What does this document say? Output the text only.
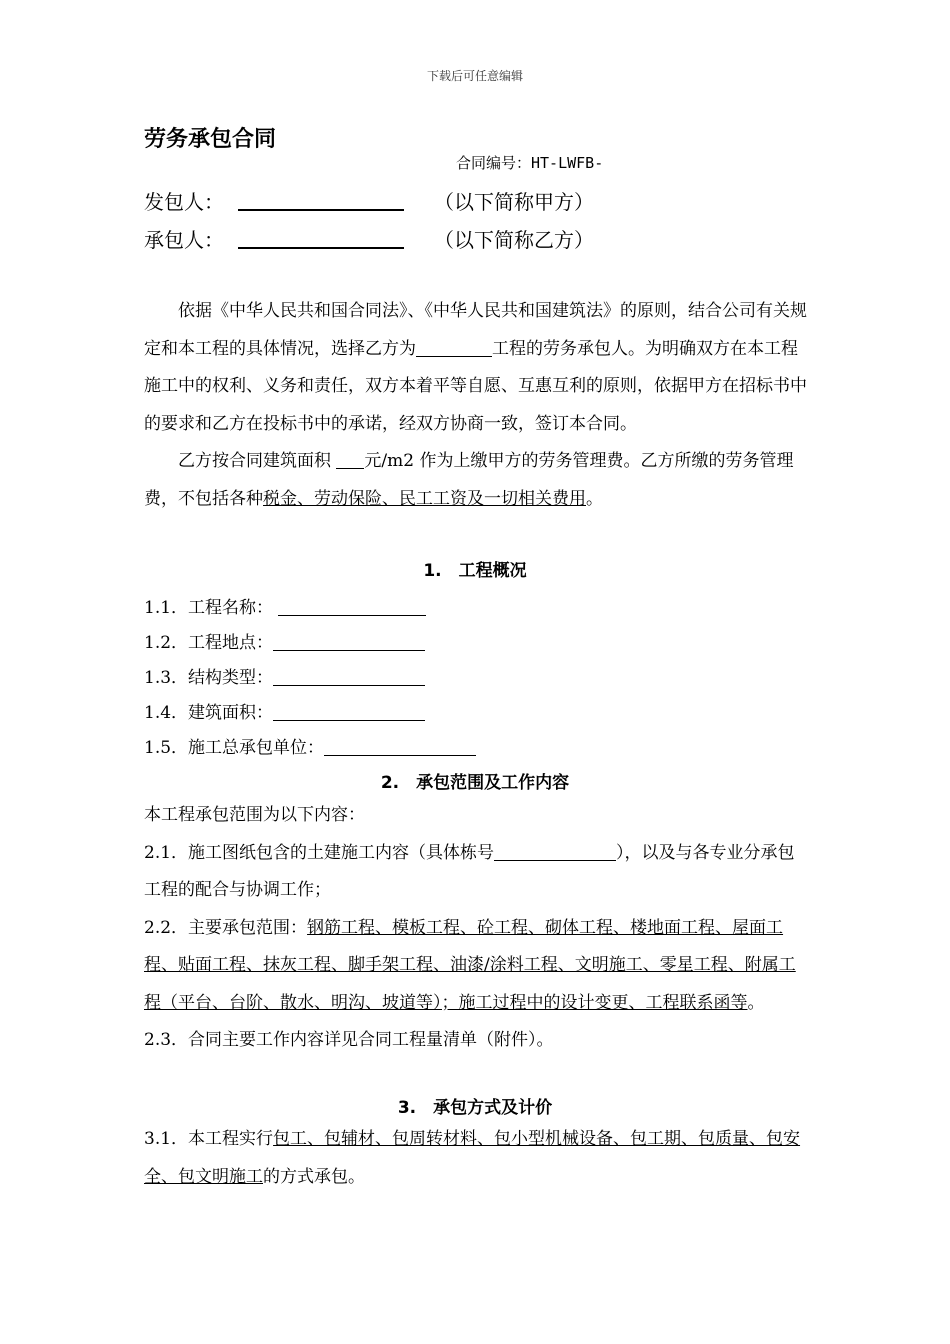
下载后可任意编辑
劳务承包合同
合同编号：HT-LWFB-
发包人：	（以下简称甲方）
承包人：	（以下简称乙方）

依据《中华人民共和国合同法》、《中华人民共和国建筑法》的原则，结合公司有关规定和本工程的具体情况，选择乙方为	工程的劳务承包人。为明确双方在本工程施工中的权利、义务和责任，双方本着平等自愿、互惠互利的原则，依据甲方在招标书中的要求和乙方在投标书中的承诺，经双方协商一致，签订本合同。

乙方按合同建筑面积 元/m2 作为上缴甲方的劳务管理费。乙方所缴的劳务管理费，不包括各种税金、劳动保险、民工工资及一切相关费用。

1.　工程概况
1.1．工程名称：
1.2．工程地点：
1.3．结构类型：
1.4．建筑面积：
1.5．施工总承包单位：
2.　承包范围及工作内容

本工程承包范围为以下内容：

2.1．施工图纸包含的土建施工内容（具体栋号	），以及与各专业分承包工程的配合与协调工作；

2.2．主要承包范围：钢筋工程、模板工程、砼工程、砌体工程、楼地面工程、屋面工程、贴面工程、抹灰工程、脚手架工程、油漆/涂料工程、文明施工、零星工程、附属工程（平台、台阶、散水、明沟、坡道等）；施工过程中的设计变更、工程联系函等。

2.3．合同主要工作内容详见合同工程量清单（附件）。

3.　承包方式及计价

3.1．本工程实行包工、包辅材、包周转材料、包小型机械设备、包工期、包质量、包安全、包文明施工的方式承包。
